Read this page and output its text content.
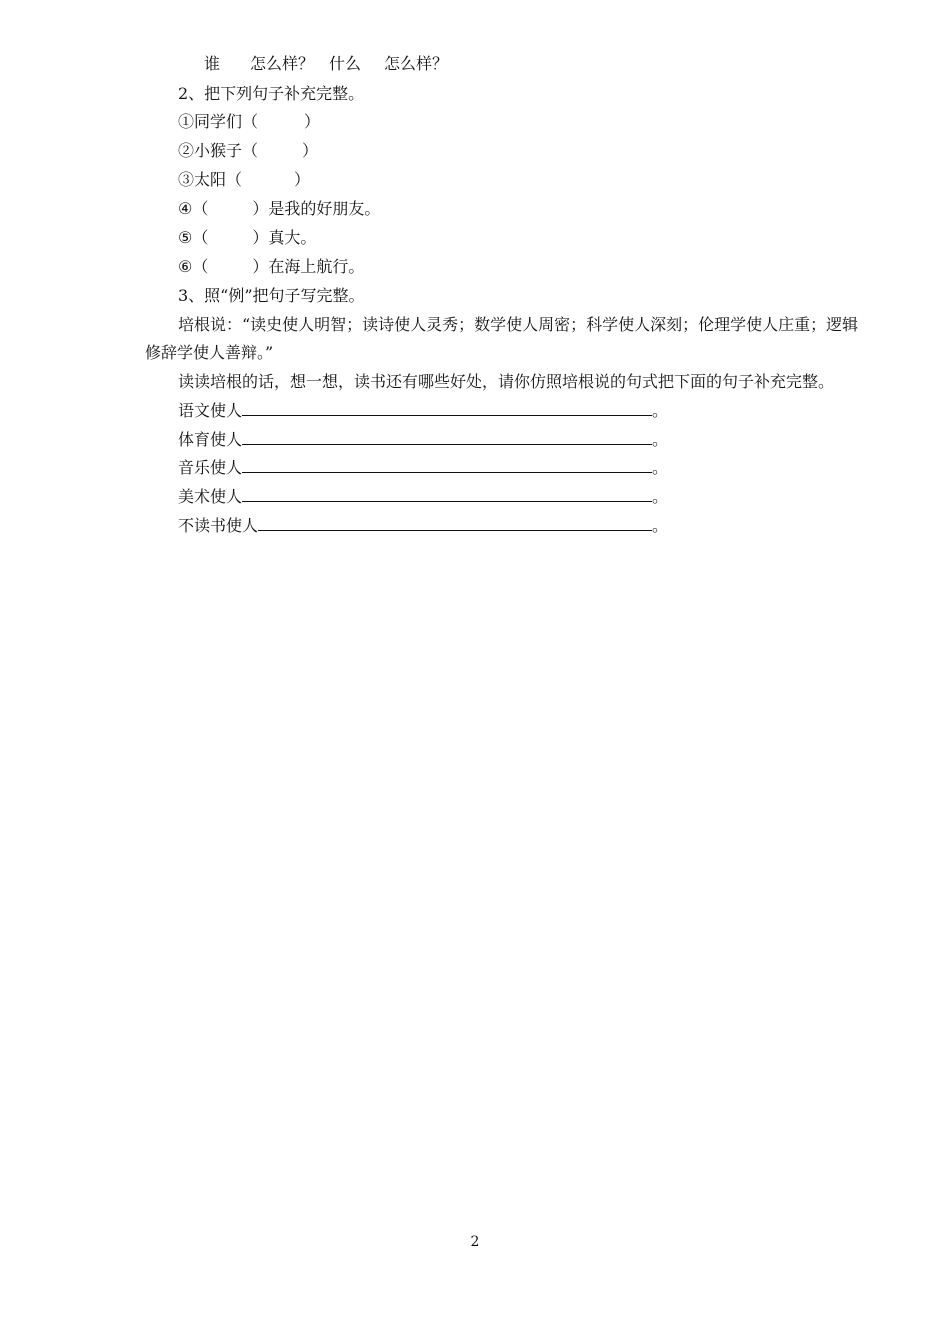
谁 怎么样？ 什么 怎么样？
2、把下列句子补充完整。
①同学们（	）
②小猴子（	）
③太阳（	）
④（	）是我的好朋友。
⑤（	）真大。
⑥（	）在海上航行。
3、照“例”把句子写完整。
培根说：“读史使人明智；读诗使人灵秀；数学使人周密；科学使人深刻；伦理学使人庄重；逻辑
修辞学使人善辩。”
读读培根的话，想一想，读书还有哪些好处，请你仿照培根说的句式把下面的句子补充完整。
语文使人	。
体育使人	。
音乐使人	。
美术使人	。
不读书使人	。
2
